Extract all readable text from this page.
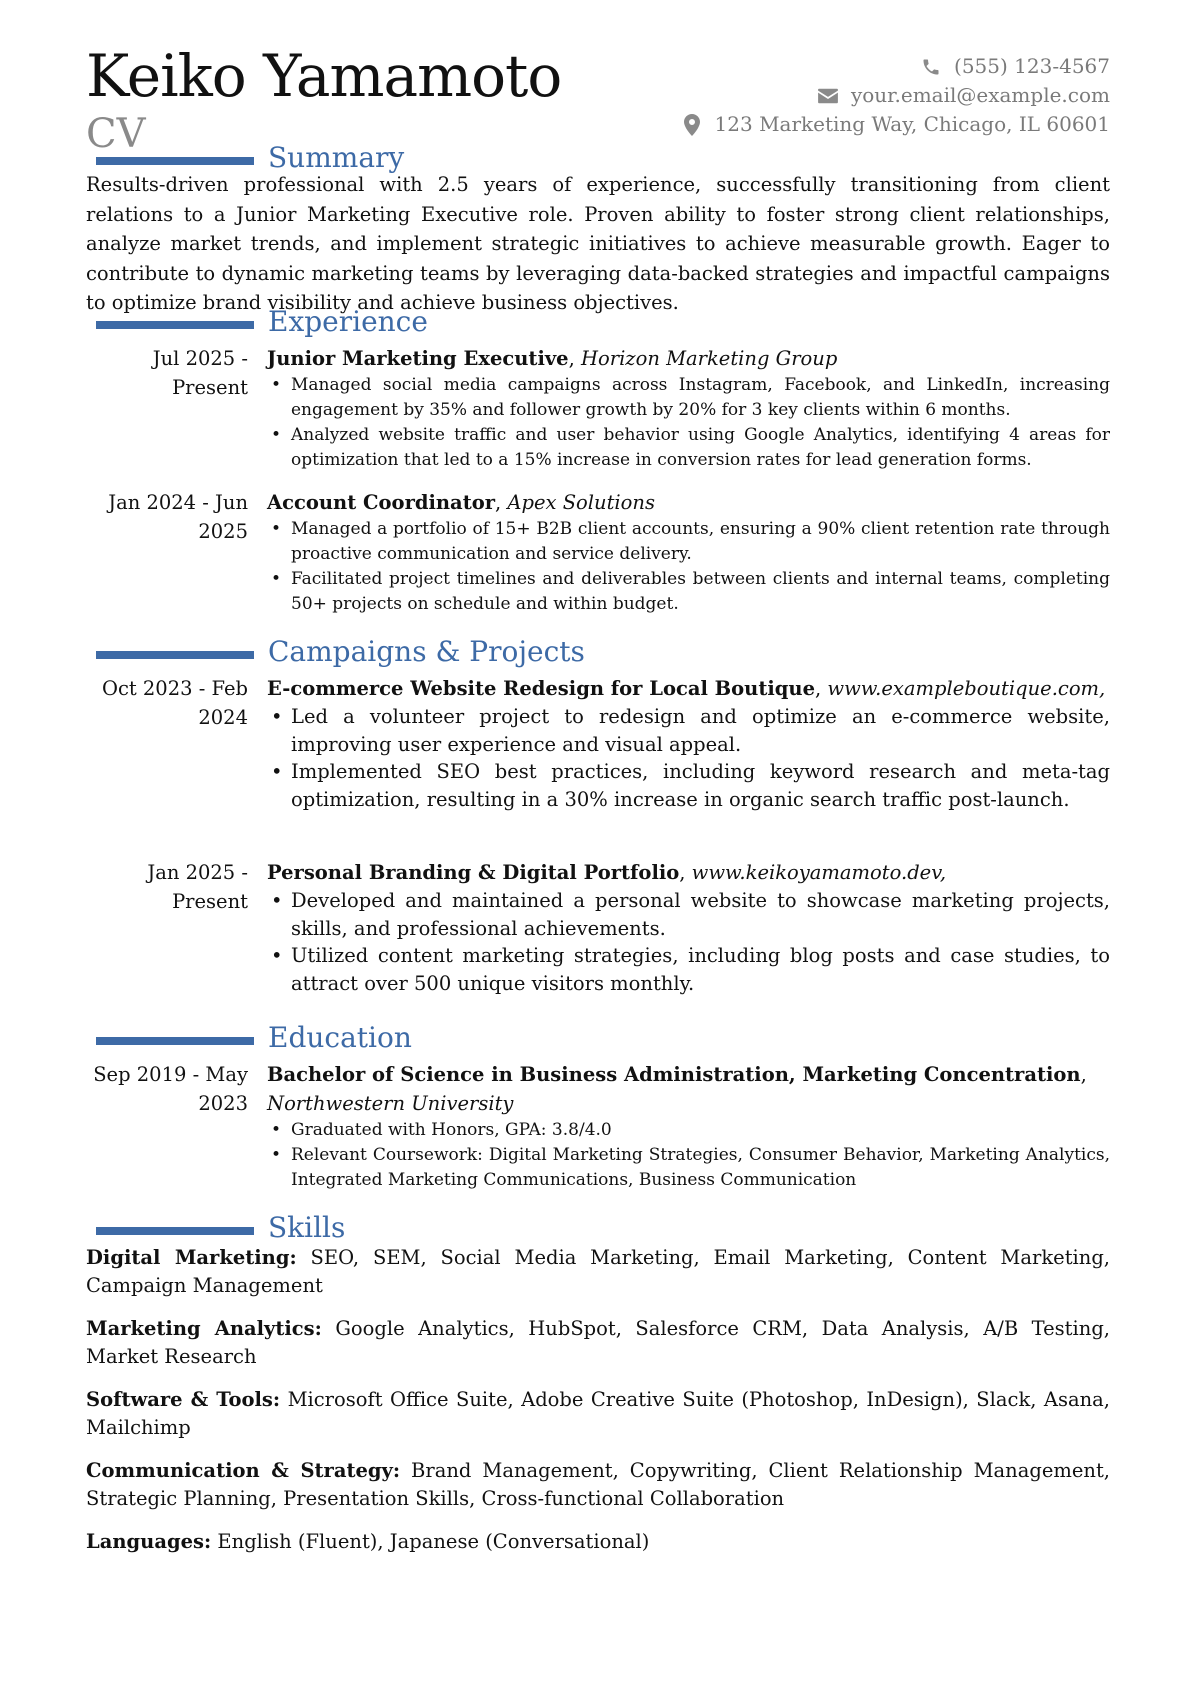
Keiko Yamamoto
CV
(555) 123-4567
your.email@example.com
123 Marketing Way, Chicago, IL 60601
Summary
Results-driven professional with 2.5 years of experience, successfully transitioning from client relations to a Junior Marketing Executive role. Proven ability to foster strong client relationships, analyze market trends, and implement strategic initiatives to achieve measurable growth. Eager to contribute to dynamic marketing teams by leveraging data-backed strategies and impactful campaigns to optimize brand visibility and achieve business objectives.
Experience
Jul 2025 - Present
Junior Marketing Executive, Horizon Marketing Group
• Managed social media campaigns across Instagram, Facebook, and LinkedIn, increasing engagement by 35% and follower growth by 20% for 3 key clients within 6 months.
• Analyzed website traffic and user behavior using Google Analytics, identifying 4 areas for optimization that led to a 15% increase in conversion rates for lead generation forms.
Jan 2024 - Jun 2025
Account Coordinator, Apex Solutions
• Managed a portfolio of 15+ B2B client accounts, ensuring a 90% client retention rate through proactive communication and service delivery.
• Facilitated project timelines and deliverables between clients and internal teams, completing 50+ projects on schedule and within budget.
Campaigns & Projects
Oct 2023 - Feb 2024
E-commerce Website Redesign for Local Boutique, www.exampleboutique.com,
• Led a volunteer project to redesign and optimize an e-commerce website, improving user experience and visual appeal.
• Implemented SEO best practices, including keyword research and meta-tag optimization, resulting in a 30% increase in organic search traffic post-launch.
Jan 2025 - Present
Personal Branding & Digital Portfolio, www.keikoyamamoto.dev,
• Developed and maintained a personal website to showcase marketing projects, skills, and professional achievements.
• Utilized content marketing strategies, including blog posts and case studies, to attract over 500 unique visitors monthly.
Education
Sep 2019 - May 2023
Bachelor of Science in Business Administration, Marketing Concentration, Northwestern University
• Graduated with Honors, GPA: 3.8/4.0
• Relevant Coursework: Digital Marketing Strategies, Consumer Behavior, Marketing Analytics, Integrated Marketing Communications, Business Communication
Skills
Digital Marketing: SEO, SEM, Social Media Marketing, Email Marketing, Content Marketing, Campaign Management
Marketing Analytics: Google Analytics, HubSpot, Salesforce CRM, Data Analysis, A/B Testing, Market Research
Software & Tools: Microsoft Office Suite, Adobe Creative Suite (Photoshop, InDesign), Slack, Asana, Mailchimp
Communication & Strategy: Brand Management, Copywriting, Client Relationship Management, Strategic Planning, Presentation Skills, Cross-functional Collaboration
Languages: English (Fluent), Japanese (Conversational)
